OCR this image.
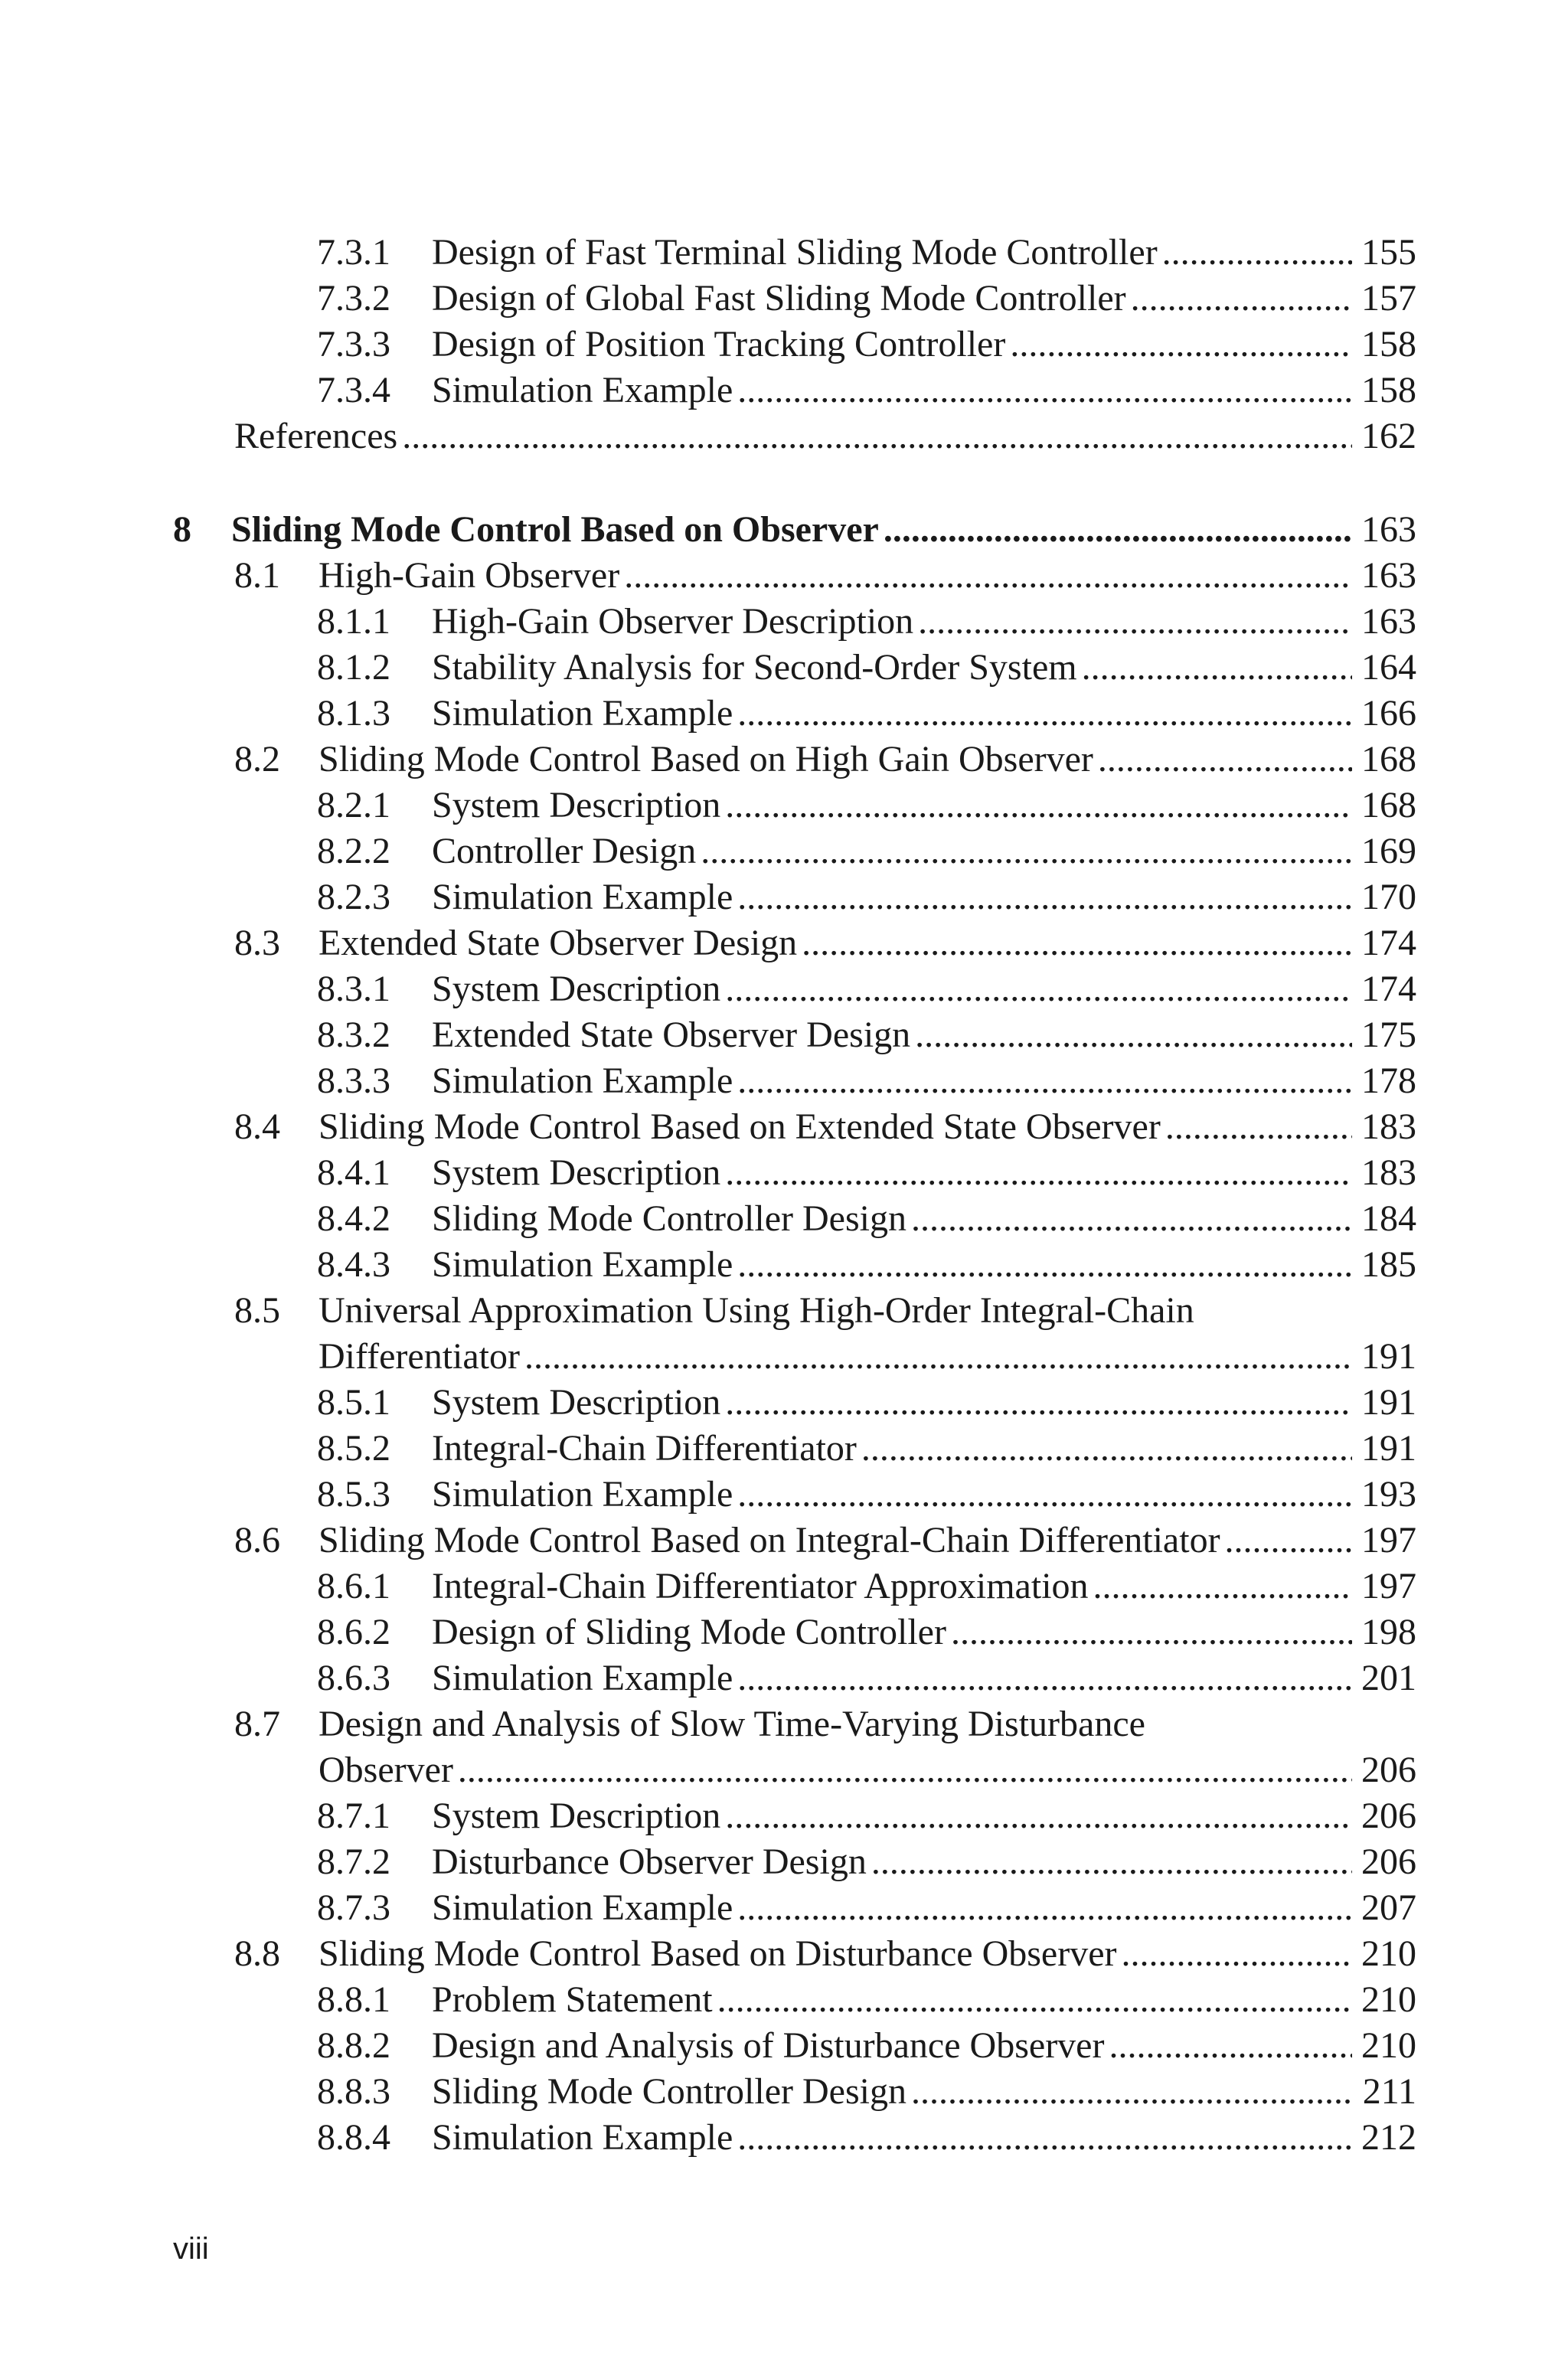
7.3.1 Design of Fast Terminal Sliding Mode Controller . . .	155
7.3.2 Design of Global Fast Sliding Mode Controller . . .	157
7.3.3 Design of Position Tracking Controller . . .	158
7.3.4 Simulation Example . . .	158
References . . .	162
8 Sliding Mode Control Based on Observer . . .	163
8.1 High-Gain Observer . . .	163
8.1.1 High-Gain Observer Description . . .	163
8.1.2 Stability Analysis for Second-Order System . . .	164
8.1.3 Simulation Example . . .	166
8.2 Sliding Mode Control Based on High Gain Observer . . .	168
8.2.1 System Description . . .	168
8.2.2 Controller Design . . .	169
8.2.3 Simulation Example . . .	170
8.3 Extended State Observer Design . . .	174
8.3.1 System Description . . .	174
8.3.2 Extended State Observer Design . . .	175
8.3.3 Simulation Example . . .	178
8.4 Sliding Mode Control Based on Extended State Observer . . .	183
8.4.1 System Description . . .	183
8.4.2 Sliding Mode Controller Design . . .	184
8.4.3 Simulation Example . . .	185
8.5 Universal Approximation Using High-Order Integral-Chain
Differentiator . . .	191
8.5.1 System Description . . .	191
8.5.2 Integral-Chain Differentiator . . .	191
8.5.3 Simulation Example . . .	193
8.6 Sliding Mode Control Based on Integral-Chain Differentiator . . .	197
8.6.1 Integral-Chain Differentiator Approximation . . .	197
8.6.2 Design of Sliding Mode Controller . . .	198
8.6.3 Simulation Example . . .	201
8.7 Design and Analysis of Slow Time-Varying Disturbance
Observer . . .	206
8.7.1 System Description . . .	206
8.7.2 Disturbance Observer Design . . .	206
8.7.3 Simulation Example . . .	207
8.8 Sliding Mode Control Based on Disturbance Observer . . .	210
8.8.1 Problem Statement . . .	210
8.8.2 Design and Analysis of Disturbance Observer . . .	210
8.8.3 Sliding Mode Controller Design . . .	211
8.8.4 Simulation Example . . .	212
viii
